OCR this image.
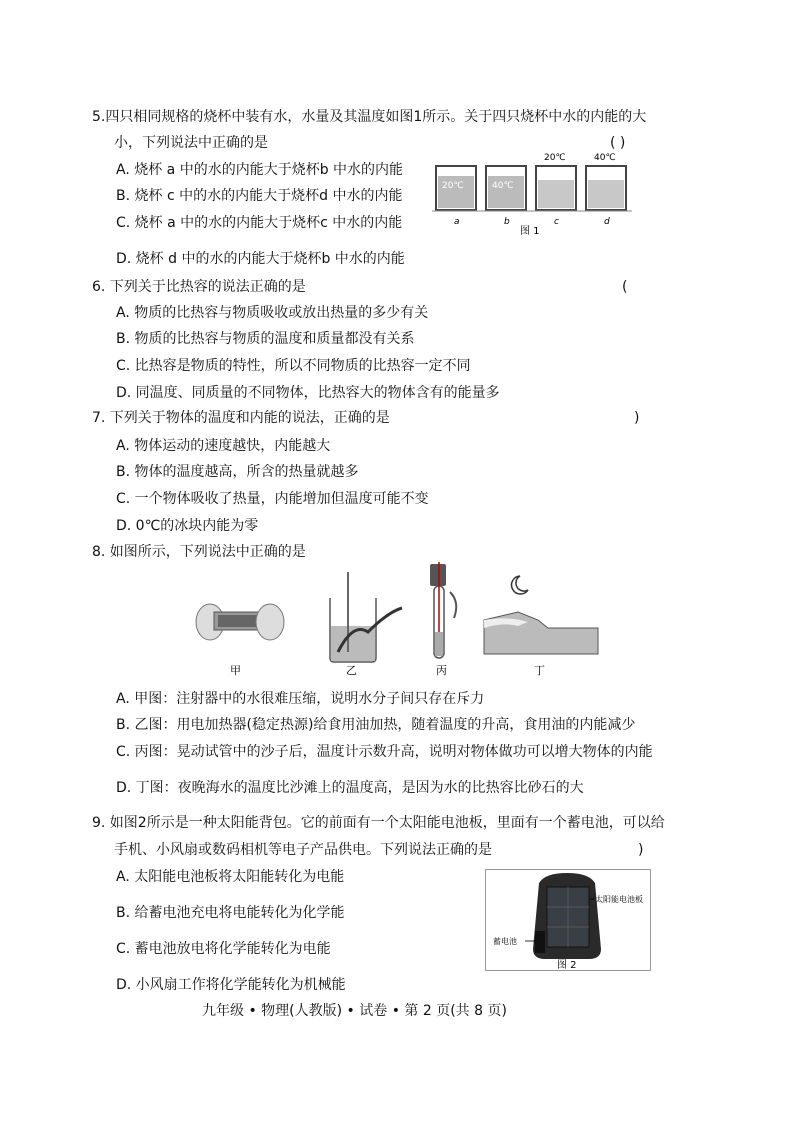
5.四只相同规格的烧杯中装有水，水量及其温度如图1所示。关于四只烧杯中水的内能的大
小，下列说法中正确的是	( )
A. 烧杯 a 中的水的内能大于烧杯b 中水的内能
B. 烧杯 c 中的水的内能大于烧杯d 中水的内能
C. 烧杯 a 中的水的内能大于烧杯c 中水的内能
D. 烧杯 d 中的水的内能大于烧杯b 中水的内能
20℃	40℃
20℃	40℃
a	b	c	d
图 1
6. 下列关于比热容的说法正确的是	(
A. 物质的比热容与物质吸收或放出热量的多少有关
B. 物质的比热容与物质的温度和质量都没有关系
C. 比热容是物质的特性，所以不同物质的比热容一定不同
D. 同温度、同质量的不同物体，比热容大的物体含有的能量多
7. 下列关于物体的温度和内能的说法，正确的是	)
A. 物体运动的速度越快，内能越大
B. 物体的温度越高，所含的热量就越多
C. 一个物体吸收了热量，内能增加但温度可能不变
D. 0℃的冰块内能为零
8. 如图所示，下列说法中正确的是
甲	乙	丙	丁
A. 甲图：注射器中的水很难压缩，说明水分子间只存在斥力
B. 乙图：用电加热器(稳定热源)给食用油加热，随着温度的升高，食用油的内能减少
C. 丙图：晃动试管中的沙子后，温度计示数升高，说明对物体做功可以增大物体的内能
D. 丁图：夜晚海水的温度比沙滩上的温度高，是因为水的比热容比砂石的大
9. 如图2所示是一种太阳能背包。它的前面有一个太阳能电池板，里面有一个蓄电池，可以给
手机、小风扇或数码相机等电子产品供电。下列说法正确的是	)
A. 太阳能电池板将太阳能转化为电能
B. 给蓄电池充电将电能转化为化学能
C. 蓄电池放电将化学能转化为电能
D. 小风扇工作将化学能转化为机械能
太阳能电池板
蓄电池
图 2
九年级 • 物理(人教版) • 试卷 • 第 2 页(共 8 页)
